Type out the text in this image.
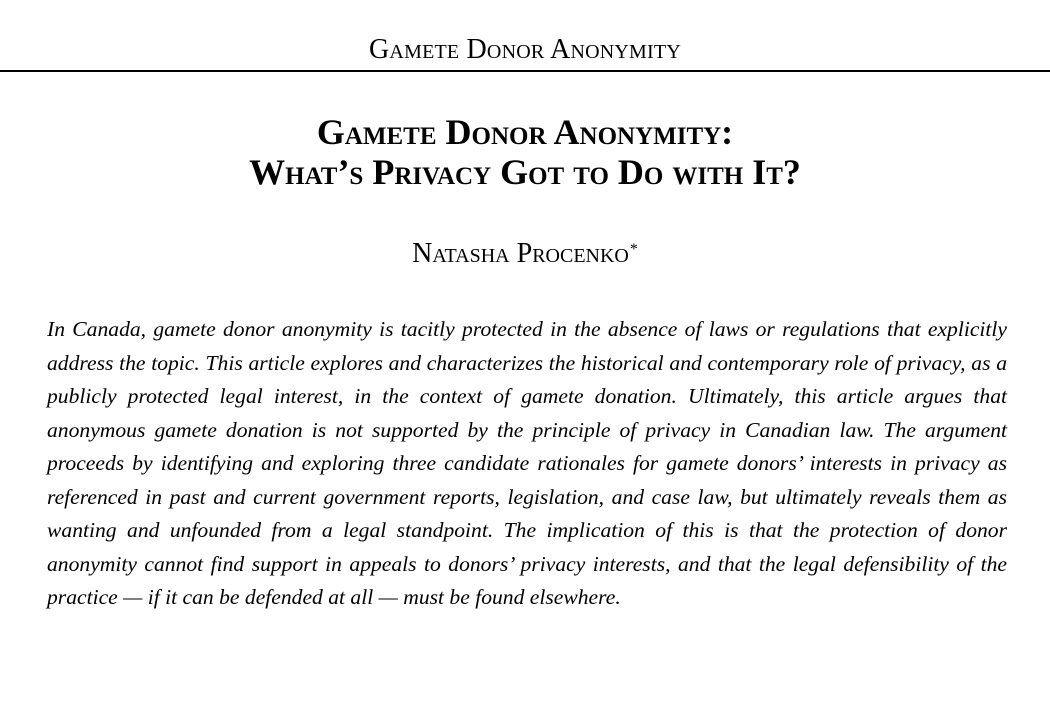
Gamete Donor Anonymity
Gamete Donor Anonymity:
What’s Privacy Got to Do with It?
Natasha Procenko*

In Canada, gamete donor anonymity is tacitly protected in the absence of laws or regulations that explicitly address the topic. This article explores and characterizes the historical and contemporary role of privacy, as a publicly protected legal interest, in the context of gamete donation. Ultimately, this article argues that anonymous gamete donation is not supported by the principle of privacy in Canadian law. The argument proceeds by identifying and exploring three candidate rationales for gamete donors’ interests in privacy as referenced in past and current government reports, legislation, and case law, but ultimately reveals them as wanting and unfounded from a legal standpoint. The implication of this is that the protection of donor anonymity cannot find support in appeals to donors’ privacy interests, and that the legal defensibility of the practice — if it can be defended at all — must be found elsewhere.
